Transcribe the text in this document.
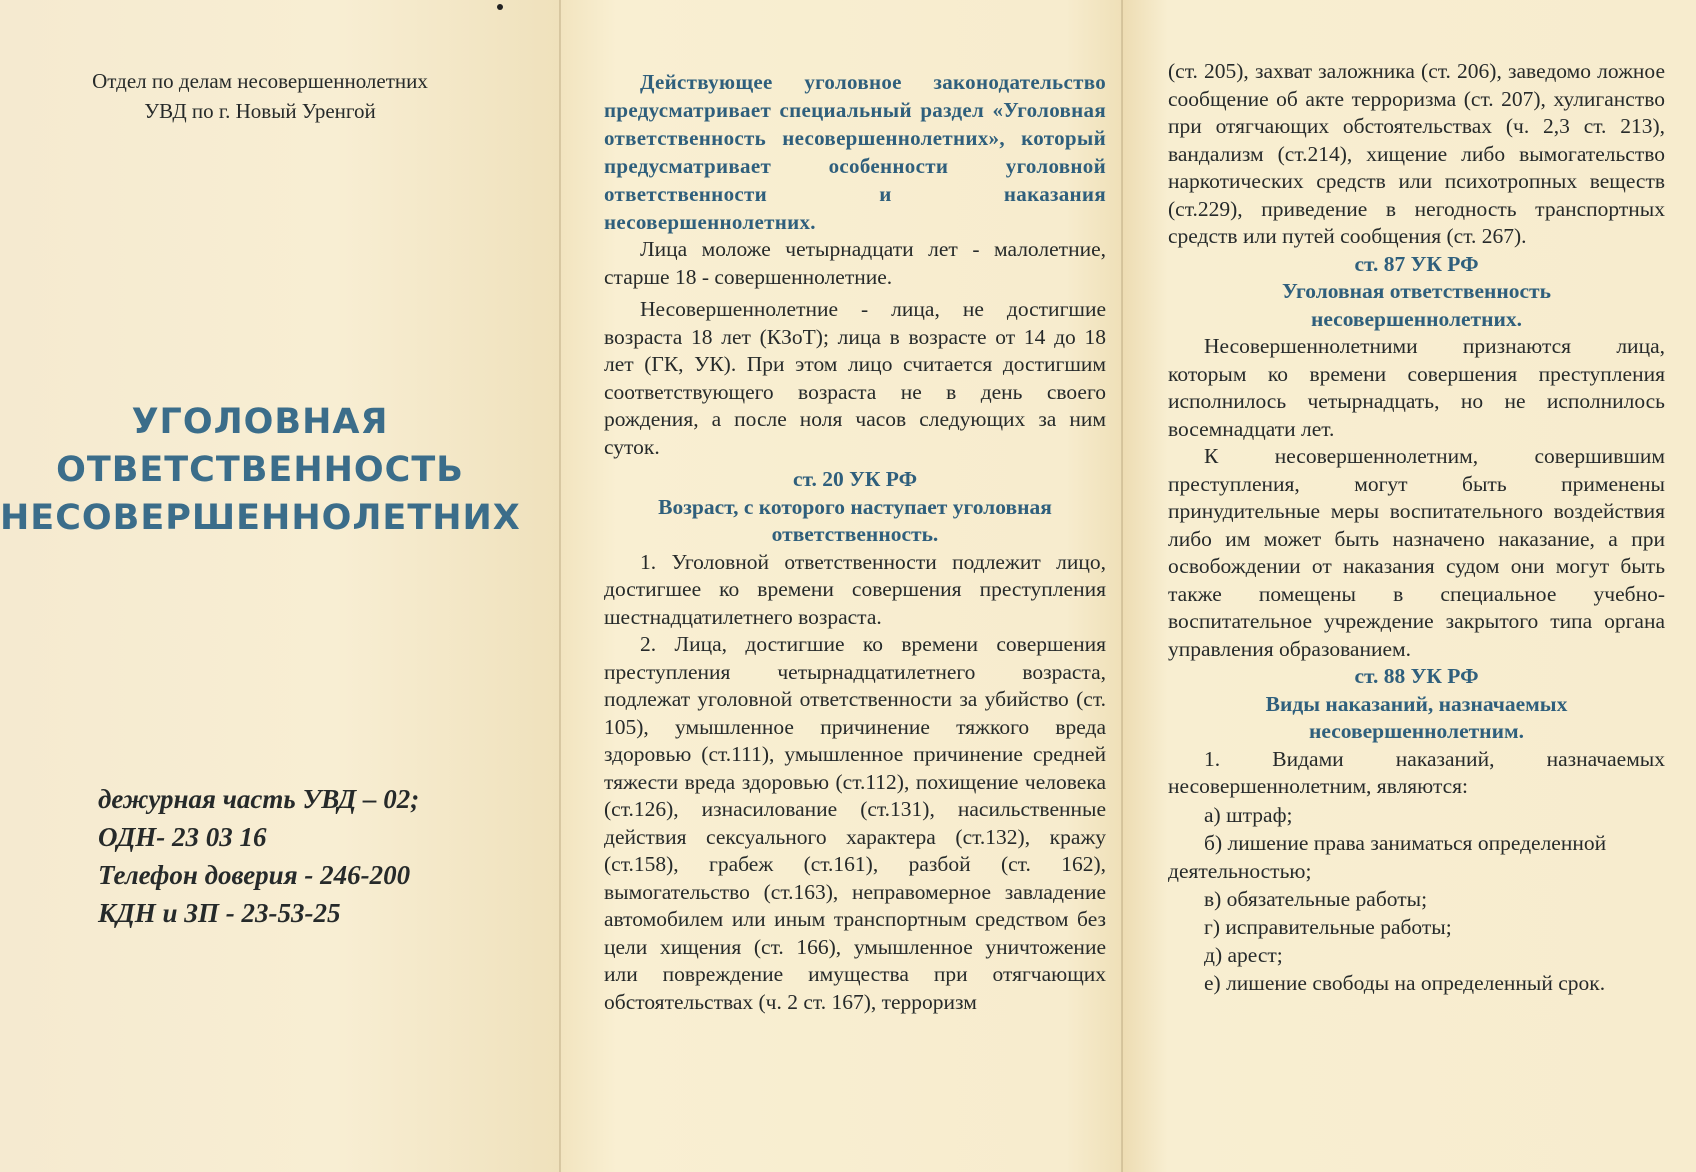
Отдел по делам несовершеннолетних
УВД по г. Новый Уренгой
УГОЛОВНАЯ
ОТВЕТСТВЕННОСТЬ
НЕСОВЕРШЕННОЛЕТНИХ
дежурная часть УВД – 02;
ОДН- 23 03 16
Телефон доверия - 246-200
КДН и ЗП - 23-53-25

Действующее уголовное законодательство предусматривает специальный раздел «Уголовная ответственность несовершеннолетних», который предусматривает особенности уголовной ответственности и наказания несовершеннолетних.

Лица моложе четырнадцати лет - малолетние, старше 18 - совершеннолетние.

Несовершеннолетние - лица, не достигшие возраста 18 лет (КЗоТ); лица в возрасте от 14 до 18 лет (ГК, УК). При этом лицо считается достигшим соответствующего возраста не в день своего рождения, а после ноля часов следующих за ним суток.

ст. 20 УК РФ

Возраст, с которого наступает уголовная ответственность.

1. Уголовной ответственности подлежит лицо, достигшее ко времени совершения преступления шестнадцатилетнего возраста.

2. Лица, достигшие ко времени совершения преступления четырнадцатилетнего возраста, подлежат уголовной ответственности за убийство (ст. 105), умышленное причинение тяжкого вреда здоровью (ст.111), умышленное причинение средней тяжести вреда здоровью (ст.112), похищение человека (ст.126), изнасилование (ст.131), насильственные действия сексуального характера (ст.132), кражу (ст.158), грабеж (ст.161), разбой (ст. 162), вымогательство (ст.163), неправомерное завладение автомобилем или иным транспортным средством без цели хищения (ст. 166), умышленное уничтожение или повреждение имущества при отягчающих обстоятельствах (ч. 2 ст. 167), терроризм

(ст. 205), захват заложника (ст. 206), заведомо ложное сообщение об акте терроризма (ст. 207), хулиганство при отягчающих обстоятельствах (ч. 2,3 ст. 213), вандализм (ст.214), хищение либо вымогательство наркотических средств или психотропных веществ (ст.229), приведение в негодность транспортных средств или путей сообщения (ст. 267).

ст. 87 УК РФ

Уголовная ответственность

несовершеннолетних.

Несовершеннолетними признаются лица, которым ко времени совершения преступления исполнилось четырнадцать, но не исполнилось восемнадцати лет.

К несовершеннолетним, совершившим преступления, могут быть применены принудительные меры воспитательного воздействия либо им может быть назначено наказание, а при освобождении от наказания судом они могут быть также помещены в специальное учебно-воспитательное учреждение закрытого типа органа управления образованием.

ст. 88 УК РФ

Виды наказаний, назначаемых

несовершеннолетним.

1. Видами наказаний, назначаемых несовершеннолетним, являются:

а) штраф;
б) лишение права заниматься определенной деятельностью;
в) обязательные работы;
г) исправительные работы;
д) арест;
е) лишение свободы на определенный срок.
